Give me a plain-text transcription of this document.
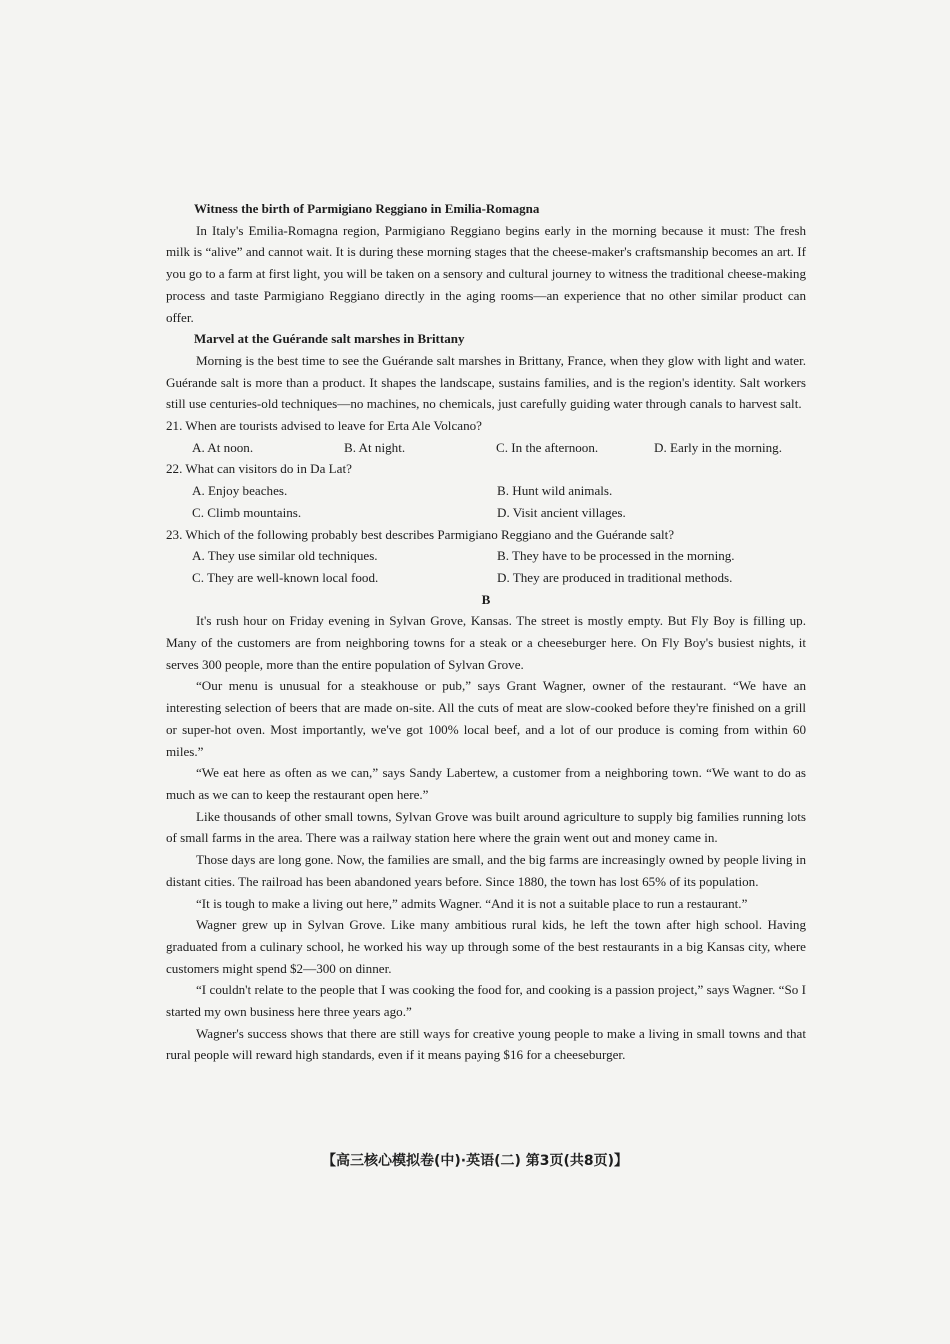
Witness the birth of Parmigiano Reggiano in Emilia-Romagna

In Italy's Emilia-Romagna region, Parmigiano Reggiano begins early in the morning because it must: The fresh milk is “alive” and cannot wait. It is during these morning stages that the cheese-maker's craftsmanship becomes an art. If you go to a farm at first light, you will be taken on a sensory and cultural journey to witness the traditional cheese-making process and taste Parmigiano Reggiano directly in the aging rooms—an experience that no other similar product can offer.

Marvel at the Guérande salt marshes in Brittany

Morning is the best time to see the Guérande salt marshes in Brittany, France, when they glow with light and water. Guérande salt is more than a product. It shapes the landscape, sustains families, and is the region's identity. Salt workers still use centuries-old techniques—no machines, no chemicals, just carefully guiding water through canals to harvest salt.

21. When are tourists advised to leave for Erta Ale Volcano?

A. At noon.	B. At night.	C. In the afternoon.	D. Early in the morning.

22. What can visitors do in Da Lat?

A. Enjoy beaches.	B. Hunt wild animals.
C. Climb mountains.	D. Visit ancient villages.

23. Which of the following probably best describes Parmigiano Reggiano and the Guérande salt?

A. They use similar old techniques.	B. They have to be processed in the morning.
C. They are well-known local food.	D. They are produced in traditional methods.

B

It's rush hour on Friday evening in Sylvan Grove, Kansas. The street is mostly empty. But Fly Boy is filling up. Many of the customers are from neighboring towns for a steak or a cheeseburger here. On Fly Boy's busiest nights, it serves 300 people, more than the entire population of Sylvan Grove.

“Our menu is unusual for a steakhouse or pub,” says Grant Wagner, owner of the restaurant. “We have an interesting selection of beers that are made on-site. All the cuts of meat are slow-cooked before they're finished on a grill or super-hot oven. Most importantly, we've got 100% local beef, and a lot of our produce is coming from within 60 miles.”

“We eat here as often as we can,” says Sandy Labertew, a customer from a neighboring town. “We want to do as much as we can to keep the restaurant open here.”

Like thousands of other small towns, Sylvan Grove was built around agriculture to supply big families running lots of small farms in the area. There was a railway station here where the grain went out and money came in.

Those days are long gone. Now, the families are small, and the big farms are increasingly owned by people living in distant cities. The railroad has been abandoned years before. Since 1880, the town has lost 65% of its population.

“It is tough to make a living out here,” admits Wagner. “And it is not a suitable place to run a restaurant.”

Wagner grew up in Sylvan Grove. Like many ambitious rural kids, he left the town after high school. Having graduated from a culinary school, he worked his way up through some of the best restaurants in a big Kansas city, where customers might spend $2—300 on dinner.

“I couldn't relate to the people that I was cooking the food for, and cooking is a passion project,” says Wagner. “So I started my own business here three years ago.”

Wagner's success shows that there are still ways for creative young people to make a living in small towns and that rural people will reward high standards, even if it means paying $16 for a cheeseburger.

【高三核心模拟卷(中)·英语(二) 第3页(共8页)】
